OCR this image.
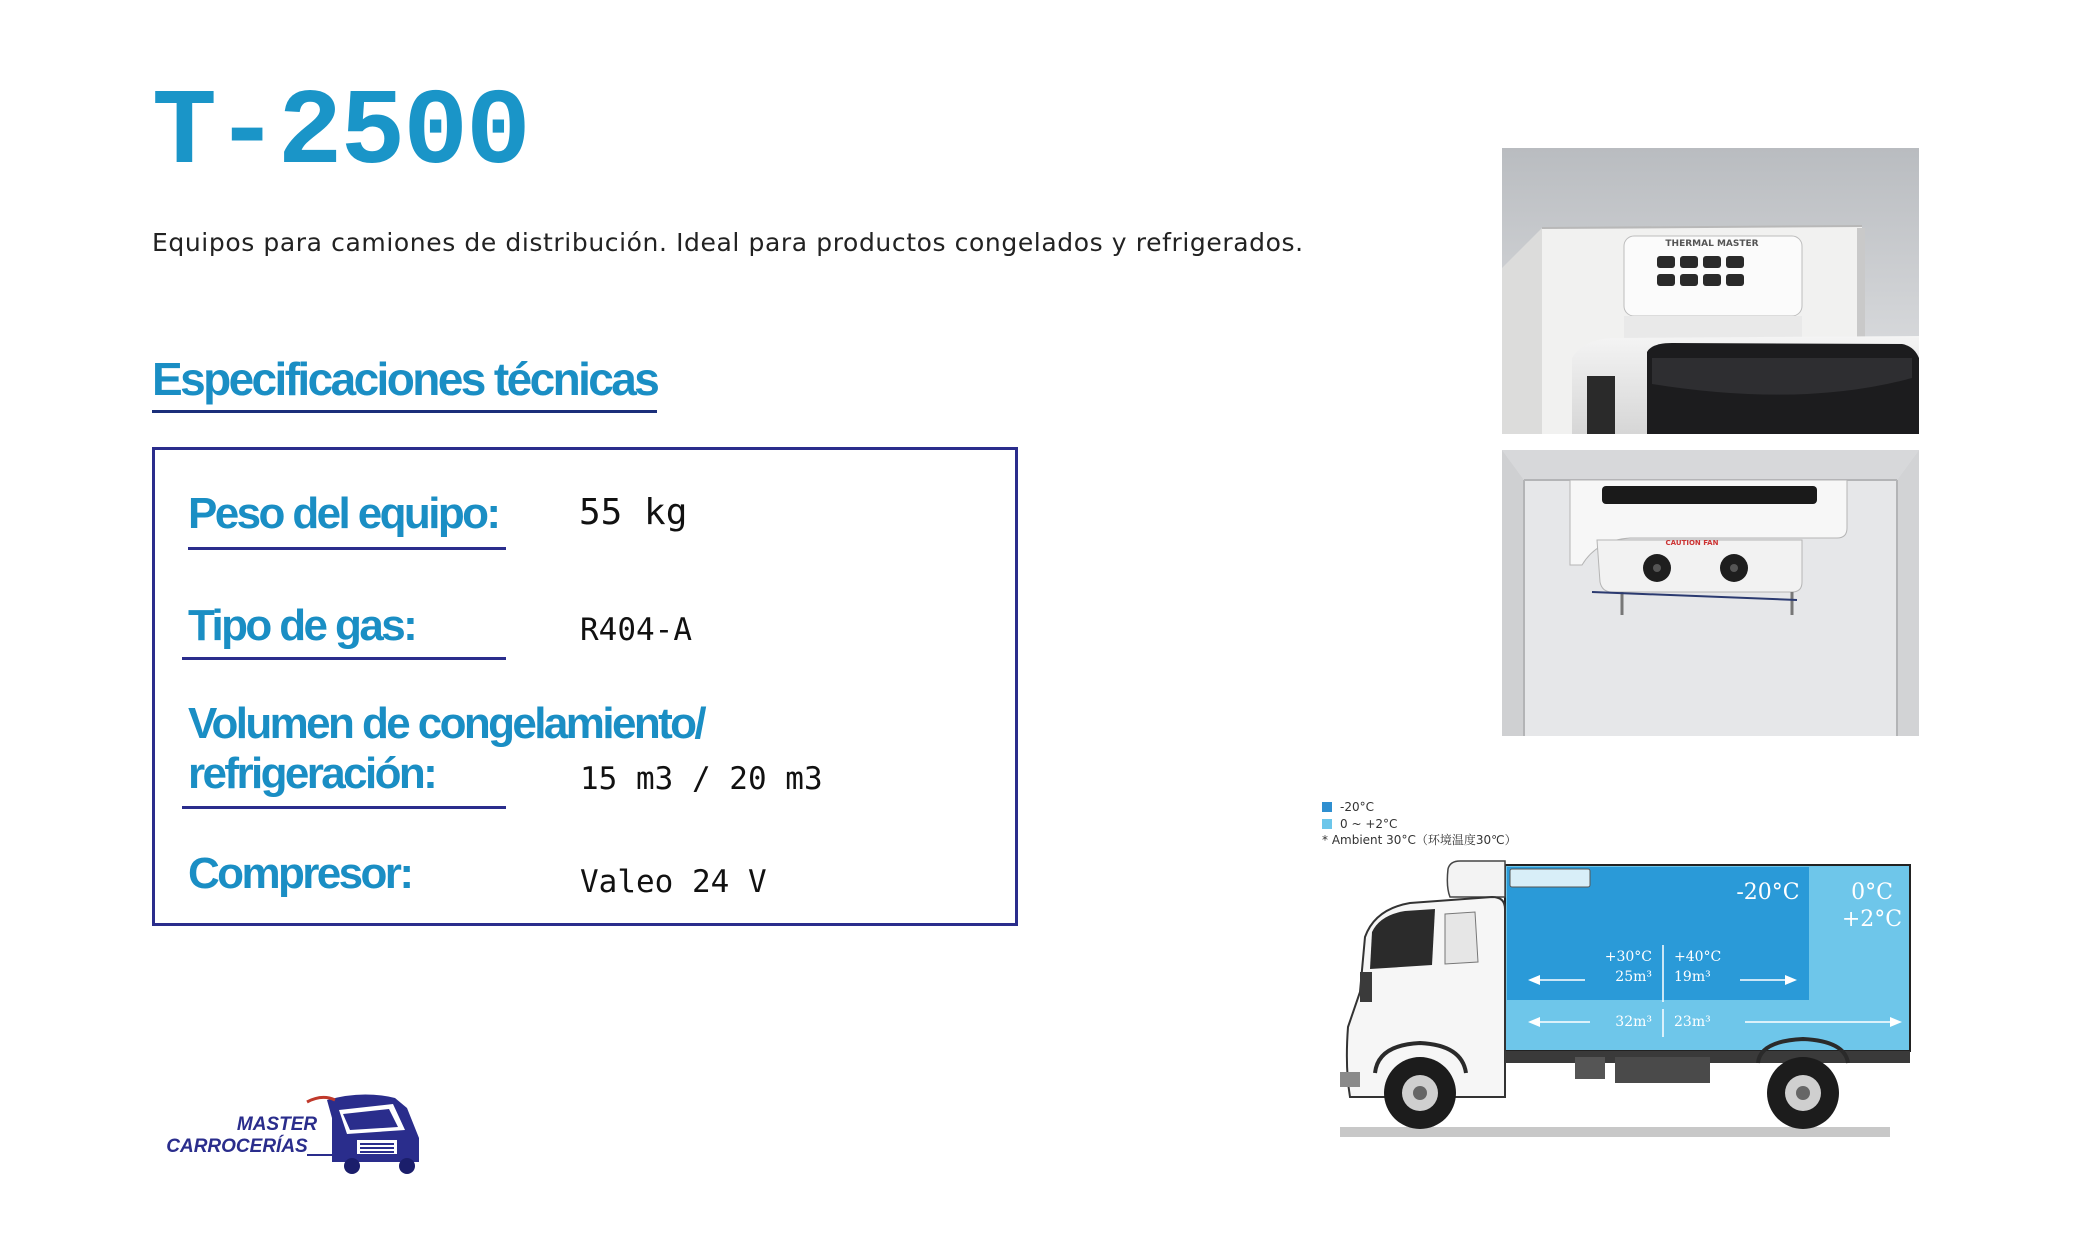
T-2500
Equipos para camiones de distribución. Ideal para productos congelados y refrigerados.
Especificaciones técnicas
Peso del equipo: 55 kg
Tipo de gas:	R404-A
Volumen de congelamiento/
refrigeración:	15 m3 / 20 m3
Compresor:	Valeo 24 V
THERMAL MASTER
CAUTION FAN
-20°C
0 ~ +2°C
* Ambient 30°C（环境温度30℃）
-20°C 0°C
+2°C
+30°C
25m³
+40°C
19m³
32m³ 23m³
MASTER
CARROCERÍAS
